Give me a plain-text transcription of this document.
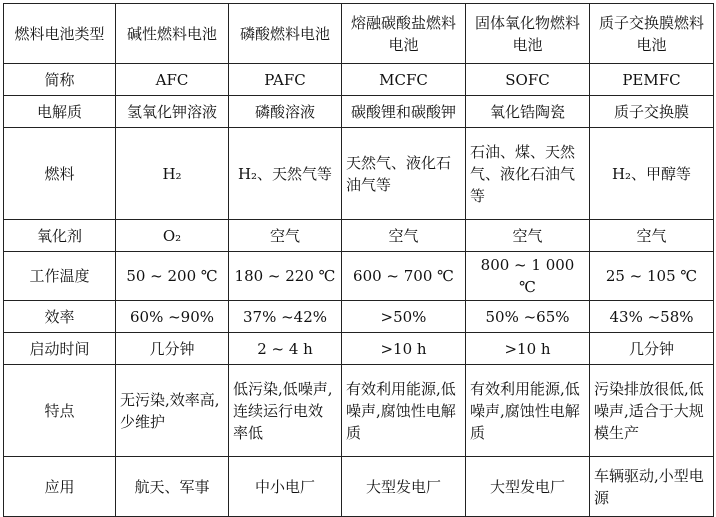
燃料电池类型	碱性燃料电池	磷酸燃料电池	熔融碳酸盐燃料电池	固体氧化物燃料电池	质子交换膜燃料电池
简称	AFC	PAFC	MCFC	SOFC	PEMFC
电解质	氢氧化钾溶液	磷酸溶液	碳酸锂和碳酸钾	氧化锆陶瓷	质子交换膜
燃料	H₂	H₂、天然气等	天然气、液化石油气等	石油、煤、天然气、液化石油气等	H₂、甲醇等
氧化剂	O₂	空气	空气	空气	空气
工作温度	50 ~ 200 ℃	180 ~ 220 ℃	600 ~ 700 ℃	800 ~ 1 000 ℃	25 ~ 105 ℃
效率	60% ~90%	37% ~42%	>50%	50% ~65%	43% ~58%
启动时间	几分钟	2 ~ 4 h	>10 h	>10 h	几分钟
特点	无污染,效率高,少维护	低污染,低噪声,连续运行电效率低	有效利用能源,低噪声,腐蚀性电解质	有效利用能源,低噪声,腐蚀性电解质	污染排放很低,低噪声,适合于大规模生产
应用	航天、军事	中小电厂	大型发电厂	大型发电厂	车辆驱动,小型电源
